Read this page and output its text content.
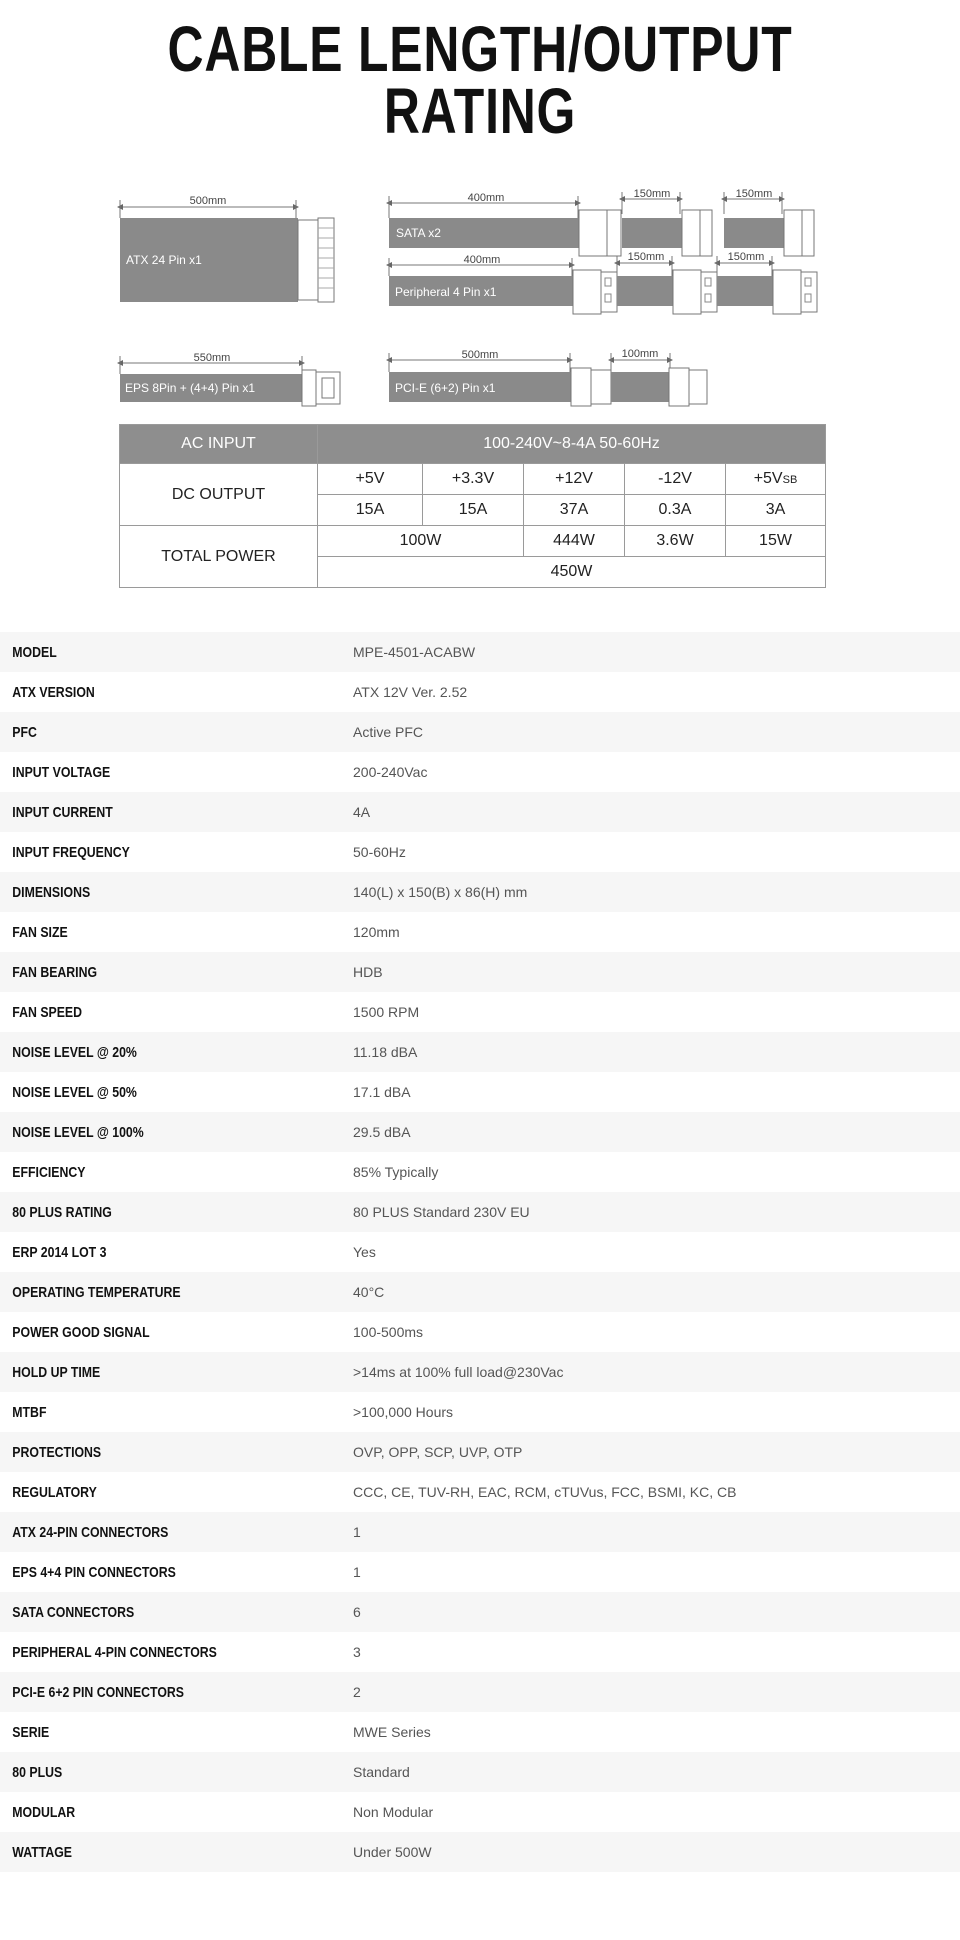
CABLE LENGTH/OUTPUT
RATING
500mm
ATX 24 Pin x1
400mm
SATA x2
150mm	150mm
400mm
Peripheral 4 Pin x1
150mm	150mm
550mm
EPS 8Pin + (4+4) Pin x1
500mm
PCI-E (6+2) Pin x1
100mm
AC INPUT	100-240V~8-4A 50-60Hz				
DC OUTPUT	+5V	+3.3V	+12V	-12V	+5VSB
	15A	15A	37A	0.3A	3A
TOTAL POWER	100W		444W	3.6W	15W
	450W				
MODEL	MPE-4501-ACABW
ATX VERSION	ATX 12V Ver. 2.52
PFC	Active PFC
INPUT VOLTAGE	200-240Vac
INPUT CURRENT	4A
INPUT FREQUENCY	50-60Hz
DIMENSIONS	140(L) x 150(B) x 86(H) mm
FAN SIZE	120mm
FAN BEARING	HDB
FAN SPEED	1500 RPM
NOISE LEVEL @ 20%	11.18 dBA
NOISE LEVEL @ 50%	17.1 dBA
NOISE LEVEL @ 100%	29.5 dBA
EFFICIENCY	85% Typically
80 PLUS RATING	80 PLUS Standard 230V EU
ERP 2014 LOT 3	Yes
OPERATING TEMPERATURE	40°C
POWER GOOD SIGNAL	100-500ms
HOLD UP TIME	>14ms at 100% full load@230Vac
MTBF	>100,000 Hours
PROTECTIONS	OVP, OPP, SCP, UVP, OTP
REGULATORY	CCC, CE, TUV-RH, EAC, RCM, cTUVus, FCC, BSMI, KC, CB
ATX 24-PIN CONNECTORS	1
EPS 4+4 PIN CONNECTORS	1
SATA CONNECTORS	6
PERIPHERAL 4-PIN CONNECTORS	3
PCI-E 6+2 PIN CONNECTORS	2
SERIE	MWE Series
80 PLUS	Standard
MODULAR	Non Modular
WATTAGE	Under 500W
